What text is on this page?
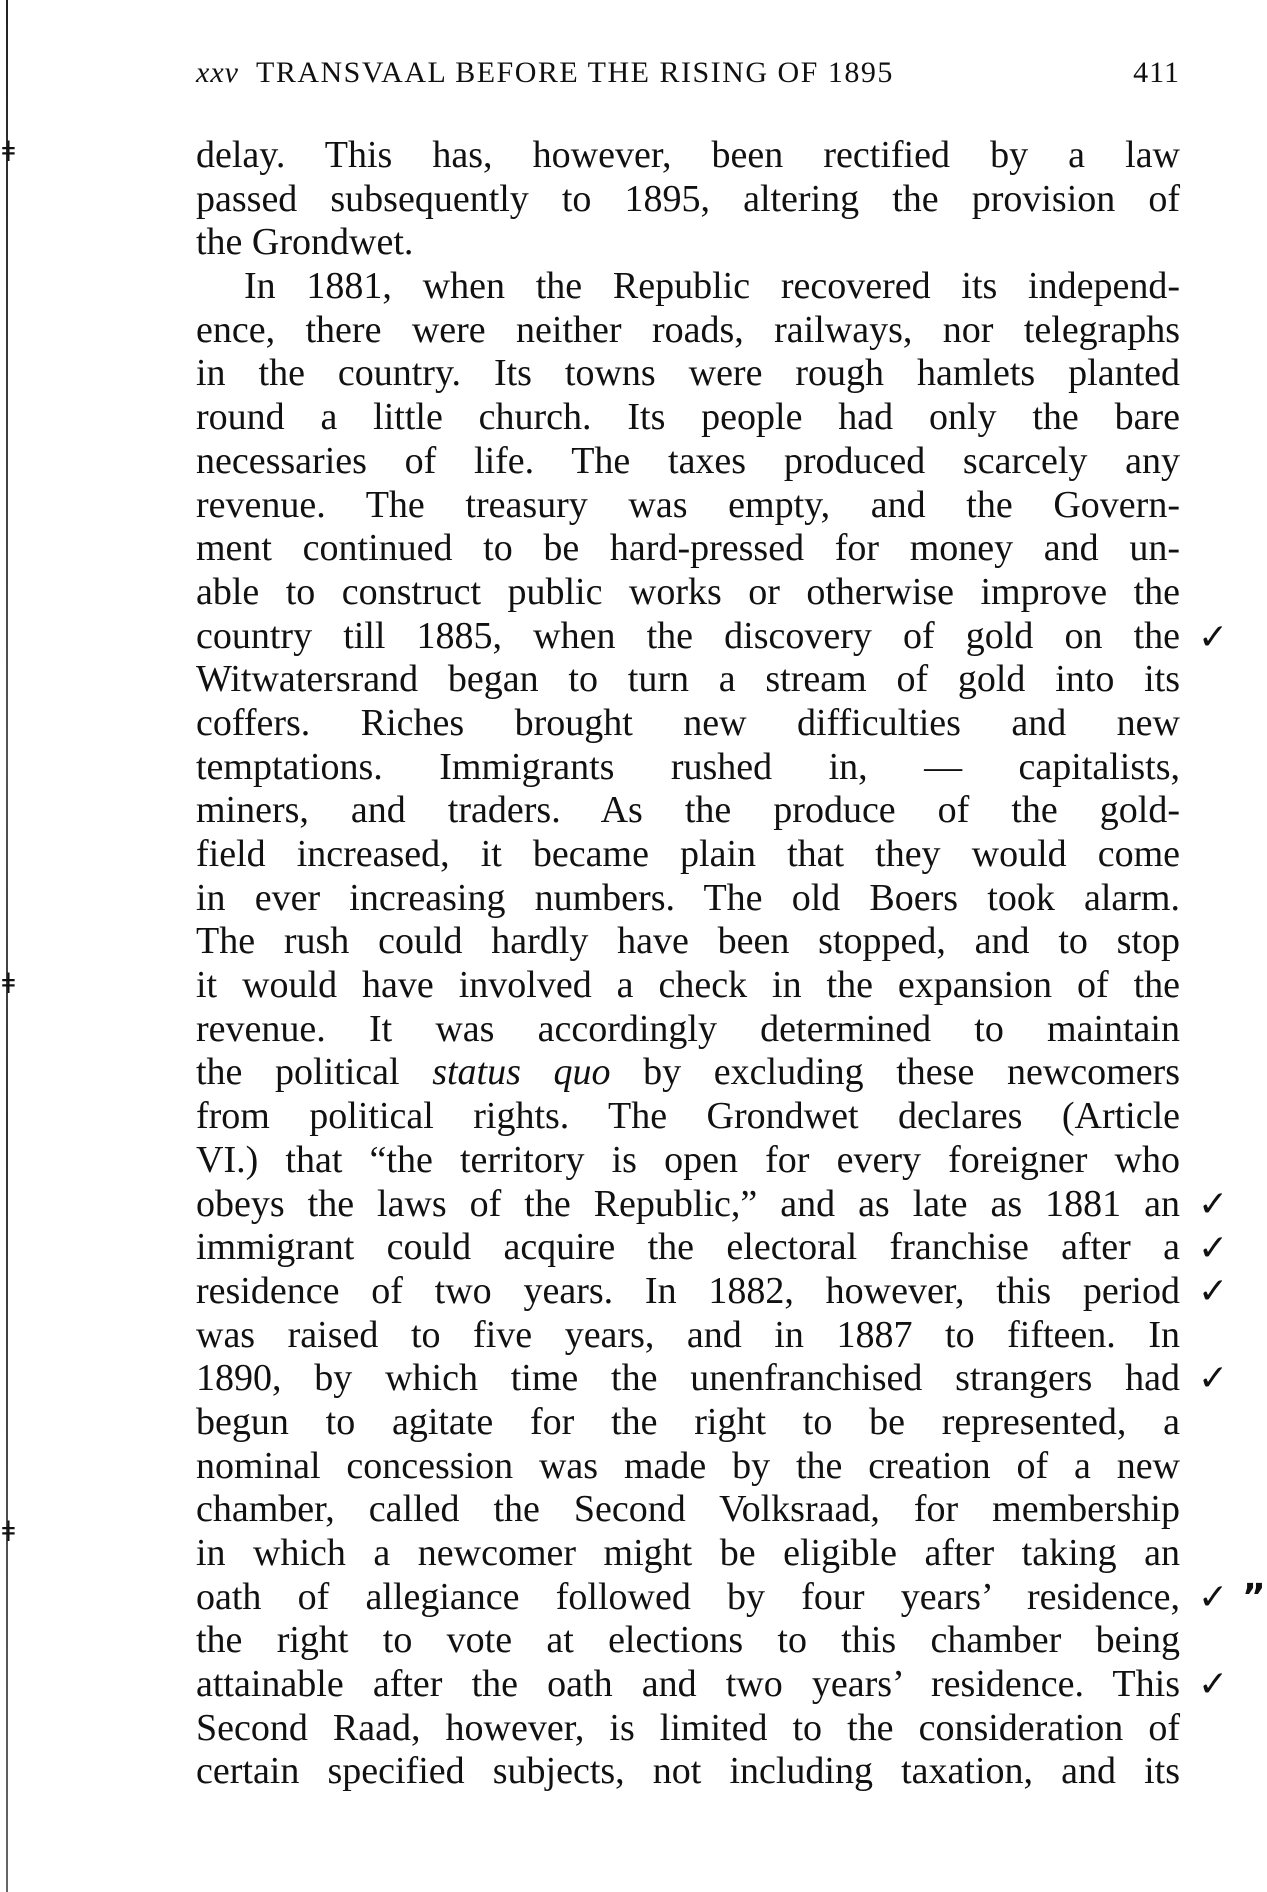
ǂ
ǂ
ǂ
xxv TRANSVAAL BEFORE THE RISING OF 1895	411
delay. This has, however, been rectified by a law
passed subsequently to 1895, altering the provision of
the Grondwet.
In 1881, when the Republic recovered its independ-
ence, there were neither roads, railways, nor telegraphs
in the country. Its towns were rough hamlets planted
round a little church. Its people had only the bare
necessaries of life. The taxes produced scarcely any
revenue. The treasury was empty, and the Govern-
ment continued to be hard-pressed for money and un-
able to construct public works or otherwise improve the
country till 1885, when the discovery of gold on the
Witwatersrand began to turn a stream of gold into its
coffers. Riches brought new difficulties and new
temptations. Immigrants rushed in, — capitalists,
miners, and traders. As the produce of the gold-
field increased, it became plain that they would come
in ever increasing numbers. The old Boers took alarm.
The rush could hardly have been stopped, and to stop
it would have involved a check in the expansion of the
revenue. It was accordingly determined to maintain
the political status quo by excluding these newcomers
from political rights. The Grondwet declares (Article
VI.) that “the territory is open for every foreigner who
obeys the laws of the Republic,” and as late as 1881 an
immigrant could acquire the electoral franchise after a
residence of two years. In 1882, however, this period
was raised to five years, and in 1887 to fifteen. In
1890, by which time the unenfranchised strangers had
begun to agitate for the right to be represented, a
nominal concession was made by the creation of a new
chamber, called the Second Volksraad, for membership
in which a newcomer might be eligible after taking an
oath of allegiance followed by four years’ residence,
the right to vote at elections to this chamber being
attainable after the oath and two years’ residence. This
Second Raad, however, is limited to the consideration of
certain specified subjects, not including taxation, and its
✓
✓
✓
✓
✓
✓ ”
✓
